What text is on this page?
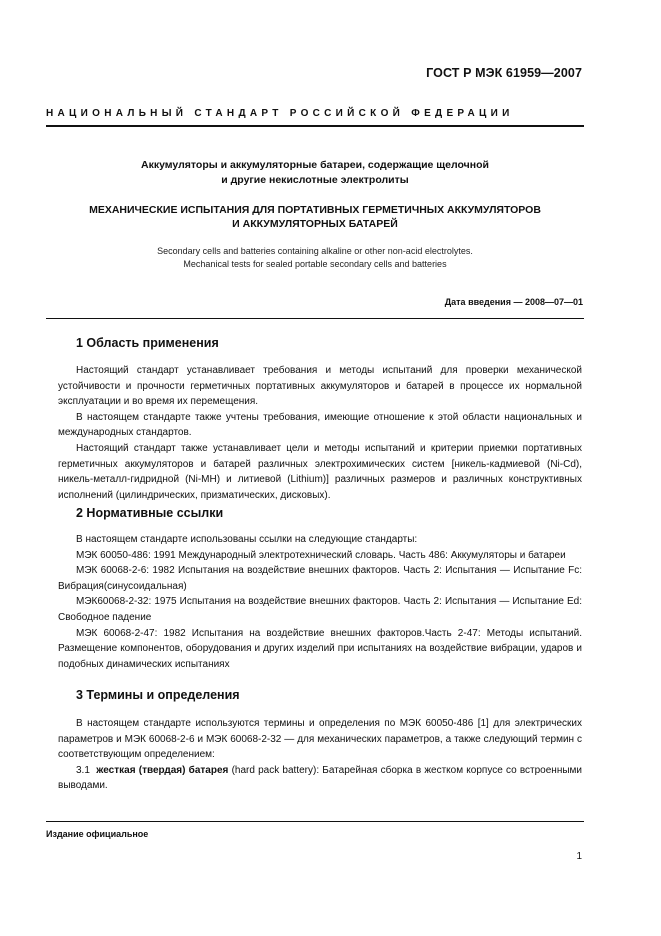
ГОСТ Р МЭК 61959—2007
НАЦИОНАЛЬНЫЙ СТАНДАРТ РОССИЙСКОЙ ФЕДЕРАЦИИ
Аккумуляторы и аккумуляторные батареи, содержащие щелочной
и другие некислотные электролиты
МЕХАНИЧЕСКИЕ ИСПЫТАНИЯ ДЛЯ ПОРТАТИВНЫХ ГЕРМЕТИЧНЫХ АККУМУЛЯТОРОВ
И АККУМУЛЯТОРНЫХ БАТАРЕЙ
Secondary cells and batteries containing alkaline or other non-acid electrolytes.
Mechanical tests for sealed portable secondary cells and batteries
Дата введения — 2008—07—01
1 Область применения

Настоящий стандарт устанавливает требования и методы испытаний для проверки механической устойчивости и прочности герметичных портативных аккумуляторов и батарей в процессе их нормальной эксплуатации и во время их перемещения.

В настоящем стандарте также учтены требования, имеющие отношение к этой области национальных и международных стандартов.

Настоящий стандарт также устанавливает цели и методы испытаний и критерии приемки портативных герметичных аккумуляторов и батарей различных электрохимических систем [никель-кадмиевой (Ni-Cd), никель-металл-гидридной (Ni-MH) и литиевой (Lithium)] различных размеров и различных конструктивных исполнений (цилиндрических, призматических, дисковых).

2 Нормативные ссылки

В настоящем стандарте использованы ссылки на следующие стандарты:

МЭК 60050-486: 1991 Международный электротехнический словарь. Часть 486: Аккумуляторы и батареи

МЭК 60068-2-6: 1982 Испытания на воздействие внешних факторов. Часть 2: Испытания — Испытание Fc: Вибрация(синусоидальная)

МЭК60068-2-32: 1975 Испытания на воздействие внешних факторов. Часть 2: Испытания — Испытание Ed: Свободное падение

МЭК 60068-2-47: 1982 Испытания на воздействие внешних факторов.Часть 2-47: Методы испытаний. Размещение компонентов, оборудования и других изделий при испытаниях на воздействие вибрации, ударов и подобных динамических испытаниях

3 Термины и определения

В настоящем стандарте используются термины и определения по МЭК 60050-486 [1] для электрических параметров и МЭК 60068-2-6 и МЭК 60068-2-32 — для механических параметров, а также следующий термин с соответствующим определением:

3.1 жесткая (твердая) батарея (hard pack battery): Батарейная сборка в жестком корпусе со встроенными выводами.

Издание официальное
1
